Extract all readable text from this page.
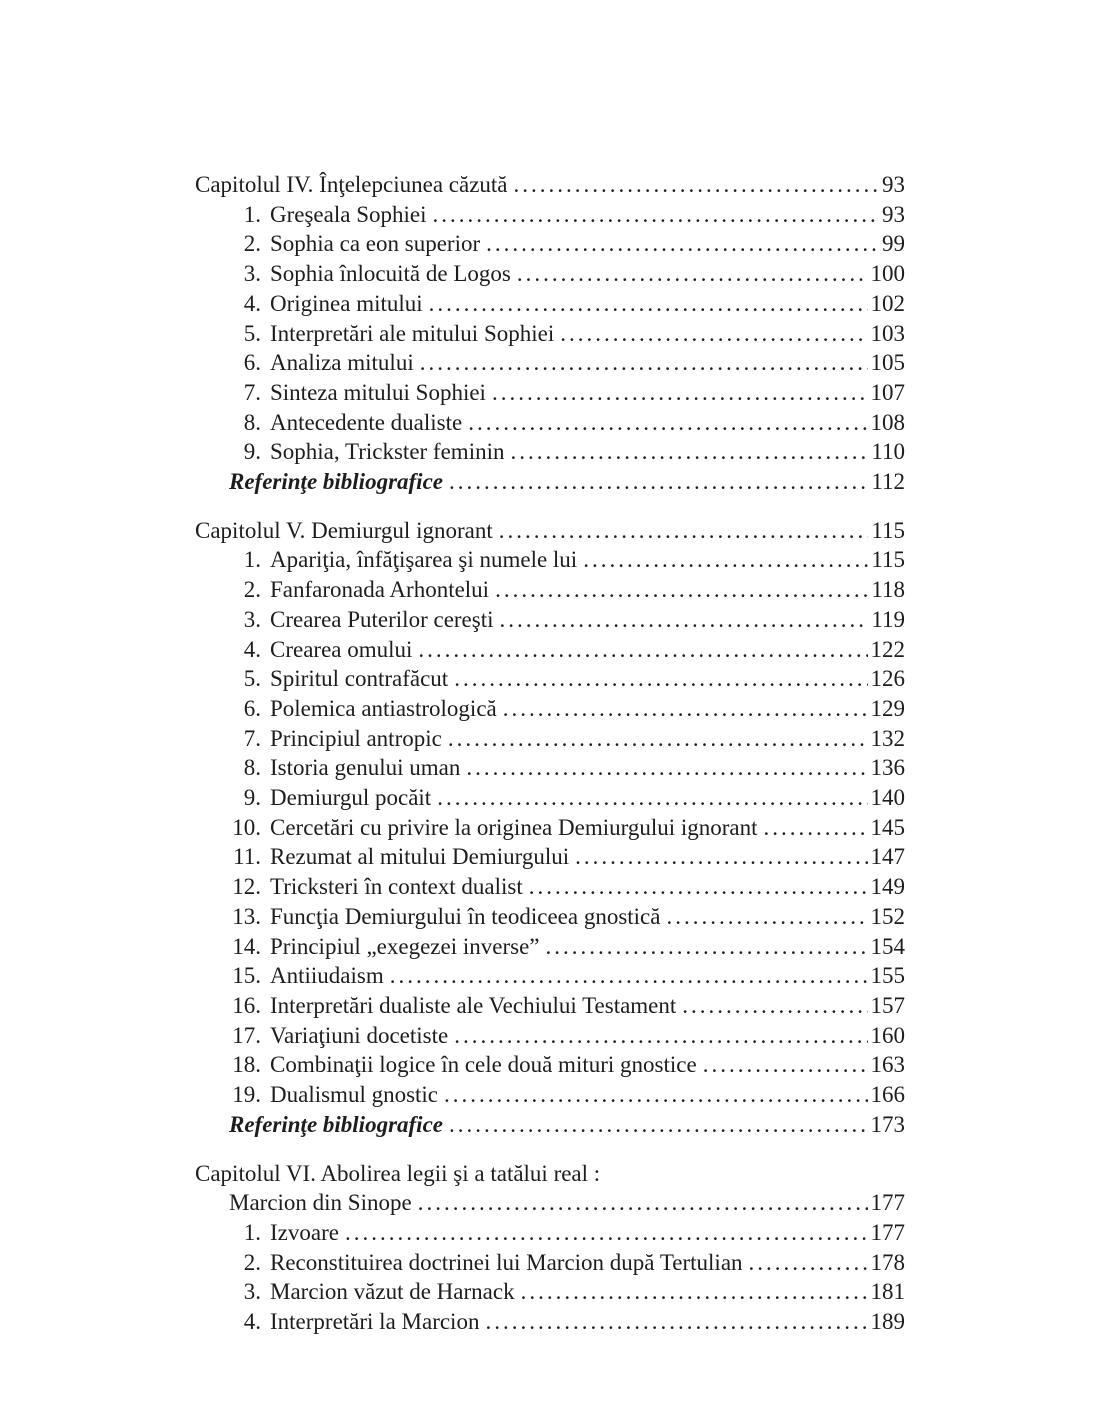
Capitolul IV. Înţelepciunea căzută .....	93
1. Greşeala Sophiei .....	93
2. Sophia ca eon superior .....	99
3. Sophia înlocuită de Logos .....	100
4. Originea mitului .....	102
5. Interpretări ale mitului Sophiei .....	103
6. Analiza mitului .....	105
7. Sinteza mitului Sophiei .....	107
8. Antecedente dualiste .....	108
9. Sophia, Trickster feminin .....	110
Referinţe bibliografice .....	112
Capitolul V. Demiurgul ignorant .....	115
1. Apariţia, înfăţişarea şi numele lui .....	115
2. Fanfaronada Arhontelui .....	118
3. Crearea Puterilor cereşti .....	119
4. Crearea omului .....	122
5. Spiritul contrafăcut .....	126
6. Polemica antiastrologică .....	129
7. Principiul antropic .....	132
8. Istoria genului uman .....	136
9. Demiurgul pocăit .....	140
10. Cercetări cu privire la originea Demiurgului ignorant .....	145
11. Rezumat al mitului Demiurgului .....	147
12. Tricksteri în context dualist .....	149
13. Funcţia Demiurgului în teodiceea gnostică .....	152
14. Principiul „exegezei inverse” .....	154
15. Antiiudaism .....	155
16. Interpretări dualiste ale Vechiului Testament .....	157
17. Variaţiuni docetiste .....	160
18. Combinaţii logice în cele două mituri gnostice .....	163
19. Dualismul gnostic .....	166
Referinţe bibliografice .....	173
Capitolul VI. Abolirea legii şi a tatălui real :
Marcion din Sinope .....	177
1. Izvoare .....	177
2. Reconstituirea doctrinei lui Marcion după Tertulian .....	178
3. Marcion văzut de Harnack .....	181
4. Interpretări la Marcion .....	189
